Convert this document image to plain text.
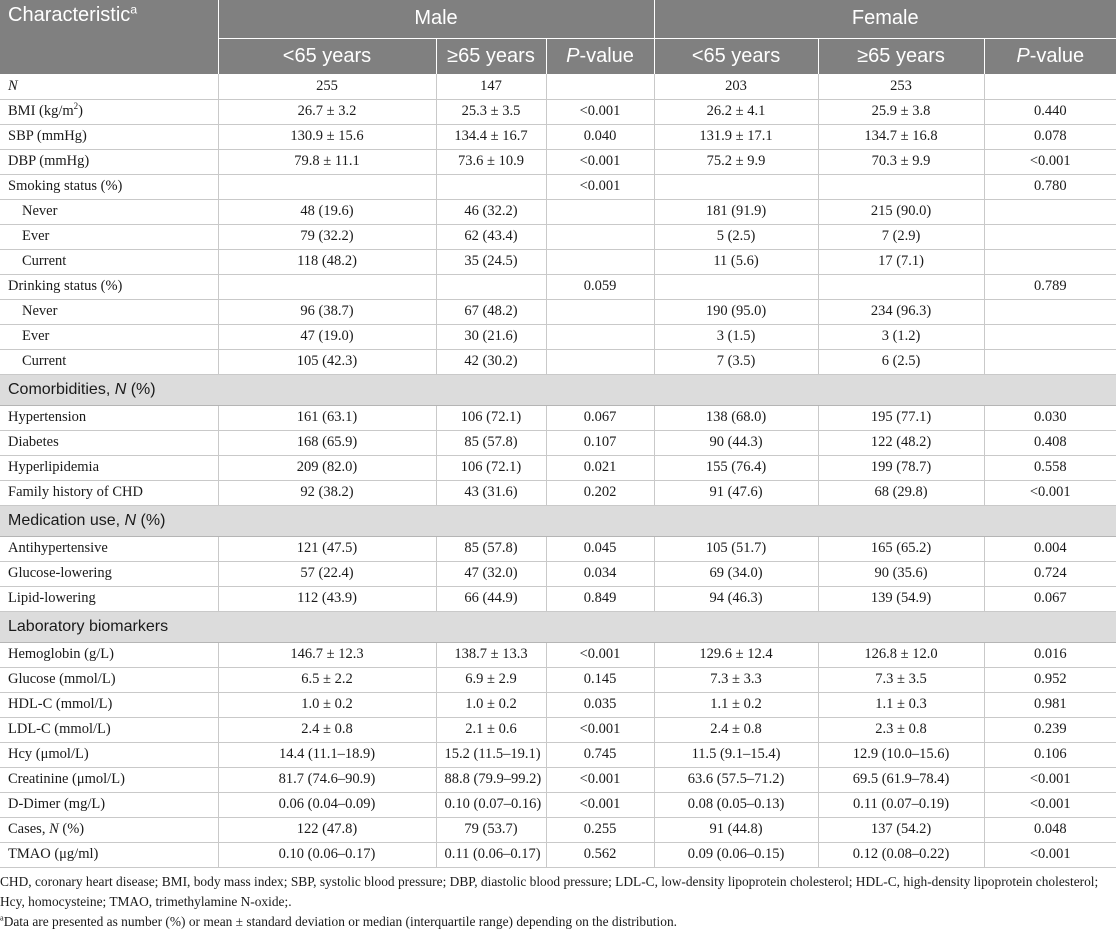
Characteristic$^a$	Male			Female		
	<65 years	≥65 years	P-value	<65 years	≥65 years	P-value
N	255	147		203	253	
BMI $(kg/m^2)$	26.7 ± 3.2	25.3 ± 3.5	<0.001	26.2 ± 4.1	25.9 ± 3.8	0.440
SBP (mmHg)	130.9 ± 15.6	134.4 ± 16.7	0.040	131.9 ± 17.1	134.7 ± 16.8	0.078
DBP (mmHg)	79.8 ± 11.1	73.6 ± 10.9	<0.001	75.2 ± 9.9	70.3 ± 9.9	<0.001
Smoking status (%)			<0.001			0.780
Never	48 (19.6)	46 (32.2)		181 (91.9)	215 (90.0)	
Ever	79 (32.2)	62 (43.4)		5 (2.5)	7 (2.9)	
Current	118 (48.2)	35 (24.5)		11 (5.6)	17 (7.1)	
Drinking status (%)			0.059			0.789
Never	96 (38.7)	67 (48.2)		190 (95.0)	234 (96.3)	
Ever	47 (19.0)	30 (21.6)		3 (1.5)	3 (1.2)	
Current	105 (42.3)	42 (30.2)		7 (3.5)	6 (2.5)	
Comorbidities, N (%)						
Hypertension	161 (63.1)	106 (72.1)	0.067	138 (68.0)	195 (77.1)	0.030
Diabetes	168 (65.9)	85 (57.8)	0.107	90 (44.3)	122 (48.2)	0.408
Hyperlipidemia	209 (82.0)	106 (72.1)	0.021	155 (76.4)	199 (78.7)	0.558
Family history of CHD	92 (38.2)	43 (31.6)	0.202	91 (47.6)	68 (29.8)	<0.001
Medication use, N (%)						
Antihypertensive	121 (47.5)	85 (57.8)	0.045	105 (51.7)	165 (65.2)	0.004
Glucose-lowering	57 (22.4)	47 (32.0)	0.034	69 (34.0)	90 (35.6)	0.724
Lipid-lowering	112 (43.9)	66 (44.9)	0.849	94 (46.3)	139 (54.9)	0.067
Laboratory biomarkers						
Hemoglobin (g/L)	146.7 ± 12.3	138.7 ± 13.3	<0.001	129.6 ± 12.4	126.8 ± 12.0	0.016
Glucose (mmol/L)	6.5 ± 2.2	6.9 ± 2.9	0.145	7.3 ± 3.3	7.3 ± 3.5	0.952
HDL-C (mmol/L)	1.0 ± 0.2	1.0 ± 0.2	0.035	1.1 ± 0.2	1.1 ± 0.3	0.981
LDL-C (mmol/L)	2.4 ± 0.8	2.1 ± 0.6	<0.001	2.4 ± 0.8	2.3 ± 0.8	0.239
Hcy (μmol/L)	14.4 (11.1–18.9)	15.2 (11.5–19.1)	0.745	11.5 (9.1–15.4)	12.9 (10.0–15.6)	0.106
Creatinine (μmol/L)	81.7 (74.6–90.9)	88.8 (79.9–99.2)	<0.001	63.6 (57.5–71.2)	69.5 (61.9–78.4)	<0.001
D-Dimer (mg/L)	0.06 (0.04–0.09)	0.10 (0.07–0.16)	<0.001	0.08 (0.05–0.13)	0.11 (0.07–0.19)	<0.001
Cases, N (%)	122 (47.8)	79 (53.7)	0.255	91 (44.8)	137 (54.2)	0.048
TMAO (μg/ml)	0.10 (0.06–0.17)	0.11 (0.06–0.17)	0.562	0.09 (0.06–0.15)	0.12 (0.08–0.22)	<0.001

CHD, coronary heart disease; BMI, body mass index; SBP, systolic blood pressure; DBP, diastolic blood pressure; LDL-C, low-density lipoprotein cholesterol; HDL-C, high-density lipoprotein cholesterol; Hcy, homocysteine; TMAO, trimethylamine N-oxide;.

$^a$Data are presented as number (%) or mean ± standard deviation or median (interquartile range) depending on the distribution.
